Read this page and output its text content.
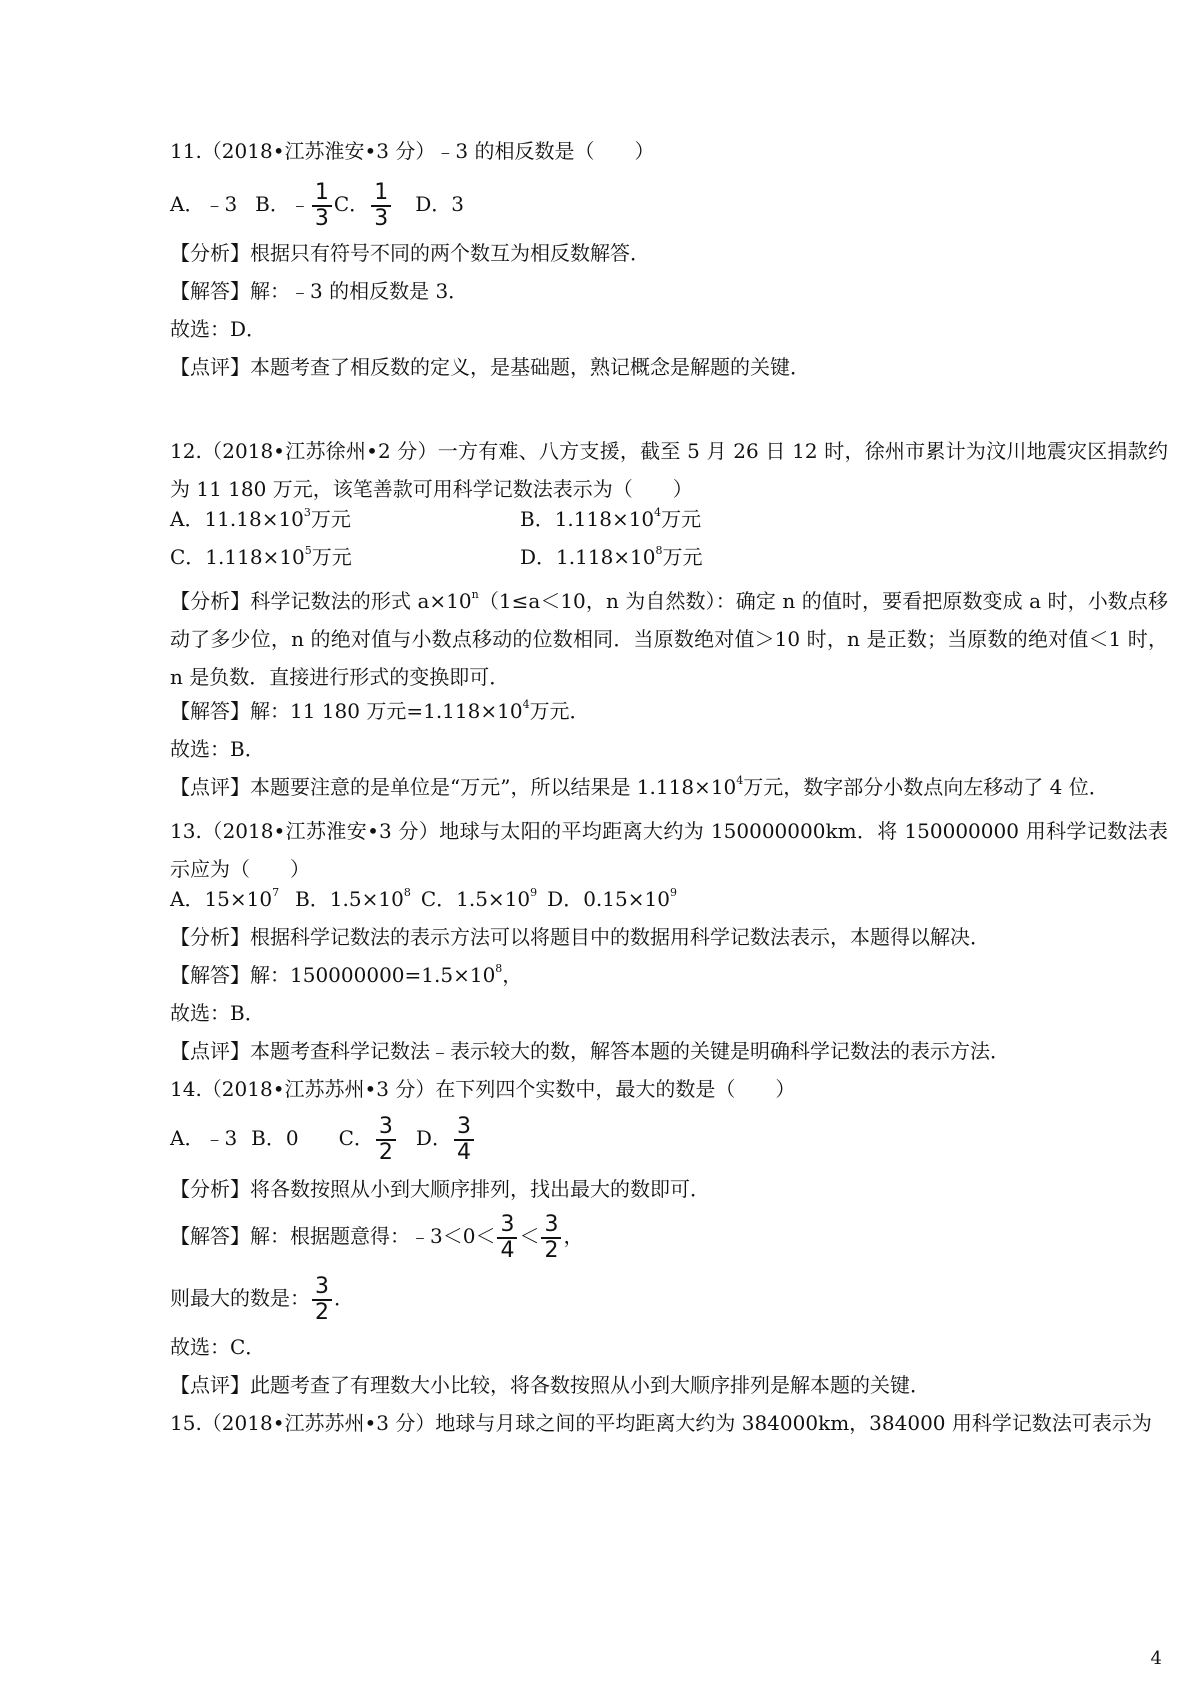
11.（2018•江苏淮安•3 分）﹣3 的相反数是（　　）
A．﹣3 B．﹣ $\frac{1}{3}$ C． $\frac{1}{3}$ D．3
【分析】根据只有符号不同的两个数互为相反数解答．
【解答】解：﹣3 的相反数是 3．
故选：D．
【点评】本题考查了相反数的定义，是基础题，熟记概念是解题的关键．
12.（2018•江苏徐州•2 分）一方有难、八方支援，截至 5 月 26 日 12 时，徐州市累计为汶川地震灾区捐款约为 11 180 万元，该笔善款可用科学记数法表示为（　　）
A．$11.18\times 10^3$万元	B．$1.118\times 10^4$万元
C．$1.118\times 10^5$万元	D．$1.118\times 10^8$万元
【分析】科学记数法的形式 $a\times 10^n(1\le a<10$，n 为自然数）：确定 n 的值时，要看把原数变成 a 时，小数点移动了多少位，n 的绝对值与小数点移动的位数相同．当原数绝对值＞10 时，n 是正数；当原数的绝对值＜1 时，n 是负数．直接进行形式的变换即可．
【解答】解：11 180 万元$=1.118\times 10^4$万元．
故选：B．
【点评】本题要注意的是单位是“万元”，所以结果是 $1.118\times 10^4$万元，数字部分小数点向左移动了 4 位．
13.（2018•江苏淮安•3 分）地球与太阳的平均距离大约为 150000000km．将 150000000 用科学记数法表示应为（　　）
A．$15\times 10^7$ B．$1.5\times 10^8$ C．$1.5\times 10^9$ D．$0.15\times 10^9$
【分析】根据科学记数法的表示方法可以将题目中的数据用科学记数法表示，本题得以解决．
【解答】解：$150000000=1.5\times 10^8$，
故选：B．
【点评】本题考查科学记数法﹣表示较大的数，解答本题的关键是明确科学记数法的表示方法．
14.（2018•江苏苏州•3 分）在下列四个实数中，最大的数是（　　）
A．﹣3 B．0 C． $\frac{3}{2}$ D． $\frac{3}{4}$
【分析】将各数按照从小到大顺序排列，找出最大的数即可．
【解答】解：根据题意得：﹣3＜0＜ $\frac{3}{4} < \frac{3}{2}$ ，
则最大的数是： $\frac{3}{2}$ ．
故选：C．
【点评】此题考查了有理数大小比较，将各数按照从小到大顺序排列是解本题的关键．
15.（2018•江苏苏州•3 分）地球与月球之间的平均距离大约为 384000km，384000 用科学记数法可表示为
4
